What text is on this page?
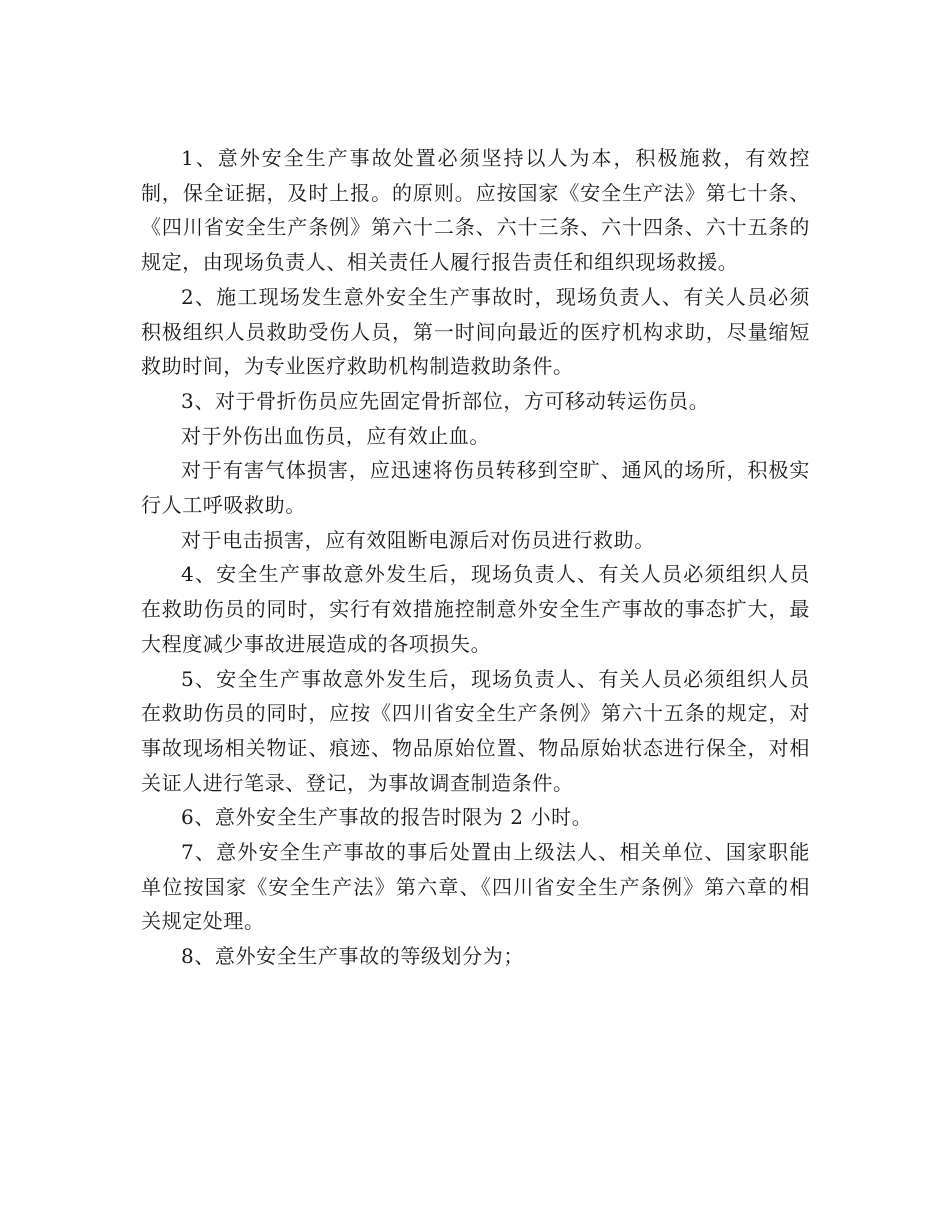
1、意外安全生产事故处置必须坚持以人为本，积极施救，有效控制，保全证据，及时上报。的原则。应按国家《安全生产法》第七十条、《四川省安全生产条例》第六十二条、六十三条、六十四条、六十五条的规定，由现场负责人、相关责任人履行报告责任和组织现场救援。

2、施工现场发生意外安全生产事故时，现场负责人、有关人员必须积极组织人员救助受伤人员，第一时间向最近的医疗机构求助，尽量缩短救助时间，为专业医疗救助机构制造救助条件。

3、对于骨折伤员应先固定骨折部位，方可移动转运伤员。

对于外伤出血伤员，应有效止血。

对于有害气体损害，应迅速将伤员转移到空旷、通风的场所，积极实行人工呼吸救助。

对于电击损害，应有效阻断电源后对伤员进行救助。

4、安全生产事故意外发生后，现场负责人、有关人员必须组织人员在救助伤员的同时，实行有效措施控制意外安全生产事故的事态扩大，最大程度减少事故进展造成的各项损失。

5、安全生产事故意外发生后，现场负责人、有关人员必须组织人员在救助伤员的同时，应按《四川省安全生产条例》第六十五条的规定，对事故现场相关物证、痕迹、物品原始位置、物品原始状态进行保全，对相关证人进行笔录、登记，为事故调查制造条件。

6、意外安全生产事故的报告时限为 2 小时。

7、意外安全生产事故的事后处置由上级法人、相关单位、国家职能单位按国家《安全生产法》第六章、《四川省安全生产条例》第六章的相关规定处理。

8、意外安全生产事故的等级划分为；
